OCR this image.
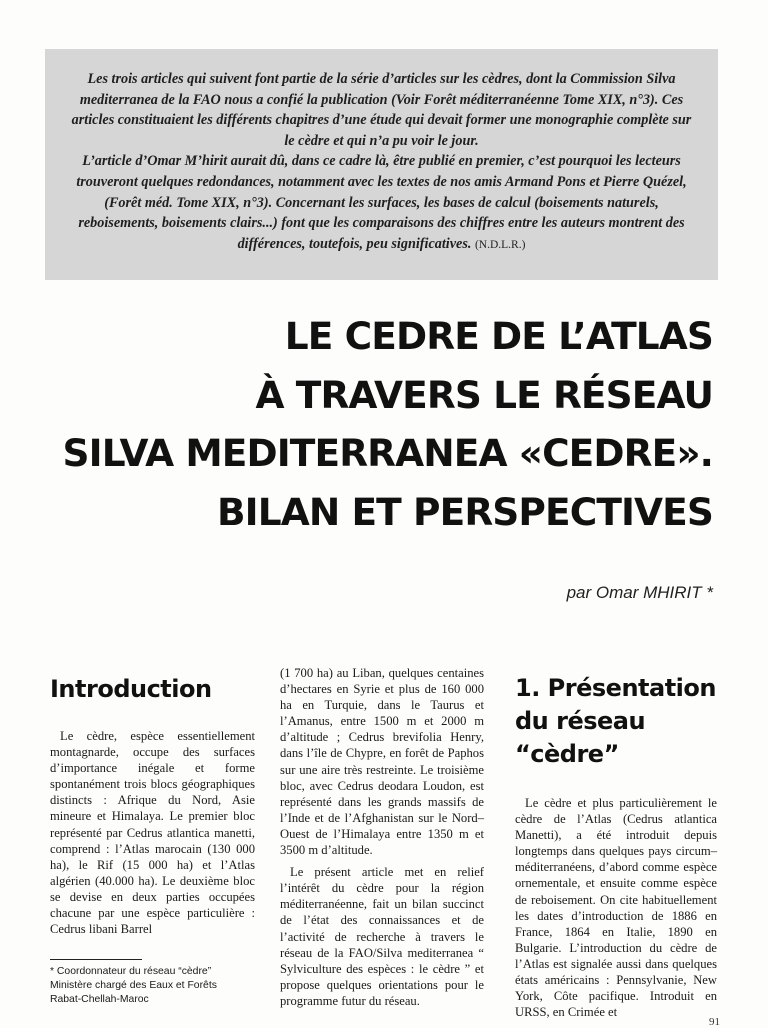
Les trois articles qui suivent font partie de la série d’articles sur les cèdres, dont la Commission Silva mediterranea de la FAO nous a confié la publication (Voir Forêt méditerranéenne Tome XIX, n°3). Ces articles constituaient les différents chapitres d’une étude qui devait former une monographie complète sur le cèdre et qui n’a pu voir le jour.

L’article d’Omar M’hirit aurait dû, dans ce cadre là, être publié en premier, c’est pourquoi les lecteurs trouveront quelques redondances, notamment avec les textes de nos amis Armand Pons et Pierre Quézel, (Forêt méd. Tome XIX, n°3). Concernant les surfaces, les bases de calcul (boisements naturels, reboisements, boisements clairs...) font que les comparaisons des chiffres entre les auteurs montrent des différences, toutefois, peu significatives. (N.D.L.R.)

LE CEDRE DE L’ATLAS
À TRAVERS LE RÉSEAU
SILVA MEDITERRANEA «CEDRE».
BILAN ET PERSPECTIVES
par Omar MHIRIT *
Introduction

Le cèdre, espèce essentiellement montagnarde, occupe des surfaces d’importance inégale et forme spontanément trois blocs géographiques distincts : Afrique du Nord, Asie mineure et Himalaya. Le premier bloc représenté par Cedrus atlantica manetti, comprend : l’Atlas marocain (130 000 ha), le Rif (15 000 ha) et l’Atlas algérien (40.000 ha). Le deuxième bloc se devise en deux parties occupées chacune par une espèce particulière : Cedrus libani Barrel

(1 700 ha) au Liban, quelques centaines d’hectares en Syrie et plus de 160 000 ha en Turquie, dans le Taurus et l’Amanus, entre 1500 m et 2000 m d’altitude ; Cedrus brevifolia Henry, dans l’île de Chypre, en forêt de Paphos sur une aire très restreinte. Le troisième bloc, avec Cedrus deodara Loudon, est représenté dans les grands massifs de l’Inde et de l’Afghanistan sur le Nord–Ouest de l’Himalaya entre 1350 m et 3500 m d’altitude.

Le présent article met en relief l’intérêt du cèdre pour la région méditerranéenne, fait un bilan succinct de l’état des connaissances et de l’activité de recherche à travers le réseau de la FAO/Silva mediterranea “ Sylviculture des espèces : le cèdre ” et propose quelques orientations pour le programme futur du réseau.

1. Présentation
du réseau
“cèdre”

Le cèdre et plus particulièrement le cèdre de l’Atlas (Cedrus atlantica Manetti), a été introduit depuis longtemps dans quelques pays circum–méditerranéens, d’abord comme espèce ornementale, et ensuite comme espèce de reboisement. On cite habituellement les dates d’introduction de 1886 en France, 1864 en Italie, 1890 en Bulgarie. L’introduction du cèdre de l’Atlas est signalée aussi dans quelques états américains : Pennsylvanie, New York, Côte pacifique. Introduit en URSS, en Crimée et

* Coordonnateur du réseau “cèdre”
Ministère chargé des Eaux et Forêts
Rabat-Chellah-Maroc
91
